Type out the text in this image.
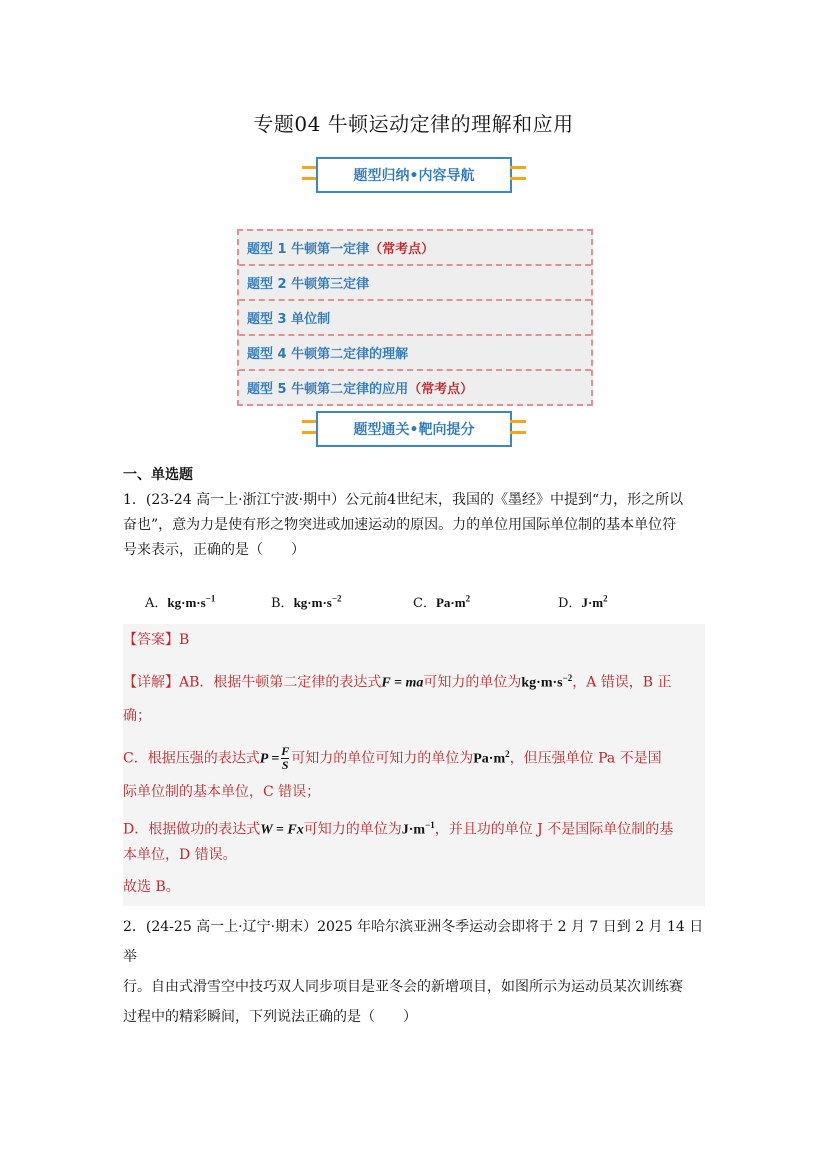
专题04 牛顿运动定律的理解和应用
题型归纳•内容导航
题型 1 牛顿第一定律 （常考点）
题型 2 牛顿第三定律
题型 3 单位制
题型 4 牛顿第二定律的理解
题型 5 牛顿第二定律的应用 （常考点）
题型通关•靶向提分
一、单选题
1．(23-24 高一上·浙江宁波·期中）公元前4世纪末，我国的《墨经》中提到“力，形之所以
奋也”，意为力是使有形之物突进或加速运动的原因。力的单位用国际单位制的基本单位符
号来表示，正确的是（　　）
A．$kg\cdot m\cdot s^{-1}$	B．$kg\cdot m\cdot s^{-2}$	C．$Pa\cdot m^2$	D．$J\cdot m^2$
【答案】B
【详解】AB．根据牛顿第二定律的表达式F = ma可知力的单位为$kg\cdot m\cdot s^{-2}$，A 错误，B 正
确；
C．根据压强的表达式$P = \frac{F}{S}$ 可知力的单位可知力的单位为$Pa\cdot m^2$，但压强单位 Pa 不是国
际单位制的基本单位，C 错误；
D．根据做功的表达式W = Fx可知力的单位为$J\cdot m^{-1}$，并且功的单位 J 不是国际单位制的基
本单位，D 错误。
故选 B。
2．(24-25 高一上·辽宁·期末）2025 年哈尔滨亚洲冬季运动会即将于 2 月 7 日到 2 月 14 日举
行。自由式滑雪空中技巧双人同步项目是亚冬会的新增项目，如图所示为运动员某次训练赛
过程中的精彩瞬间，下列说法正确的是（　　）
